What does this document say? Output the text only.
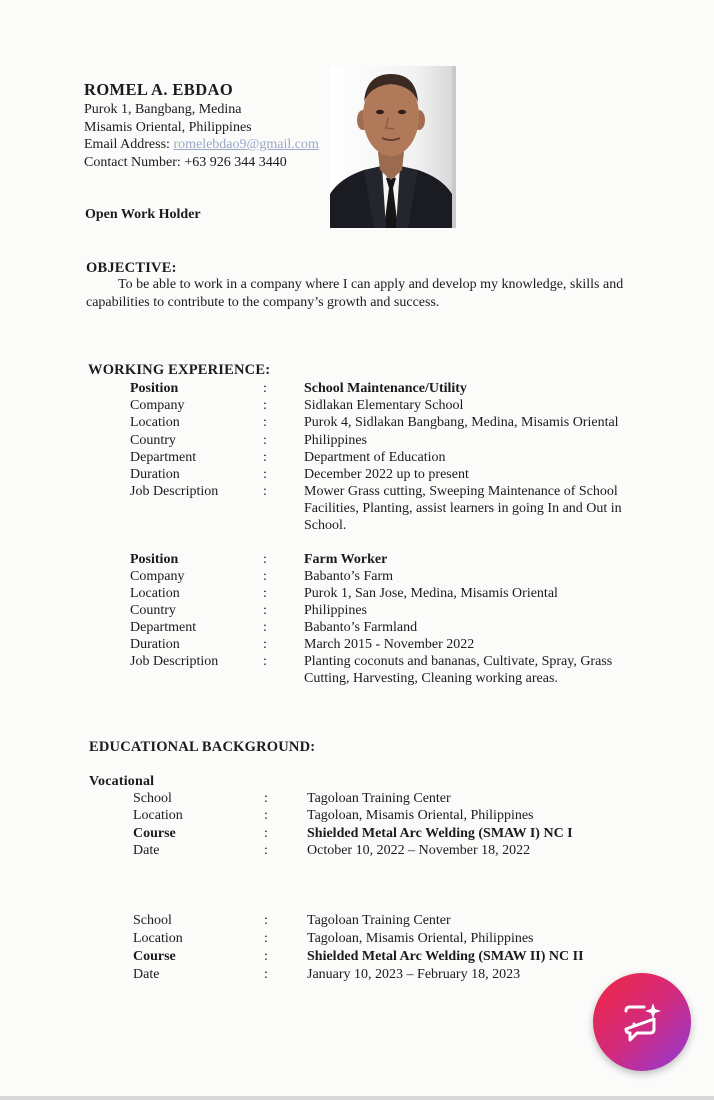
ROMEL A. EBDAO
Purok 1, Bangbang, Medina
Misamis Oriental, Philippines
Email Address: romelebdao9@gmail.com
Contact Number: +63 926 344 3440
Open Work Holder
OBJECTIVE:
To be able to work in a company where I can apply and develop my knowledge, skills and capabilities to contribute to the company’s growth and success.
WORKING EXPERIENCE:
Position	:	School Maintenance/Utility
Company	:	Sidlakan Elementary School
Location	:	Purok 4, Sidlakan Bangbang, Medina, Misamis Oriental
Country	:	Philippines
Department	:	Department of Education
Duration	:	December 2022 up to present
Job Description	:	Mower Grass cutting, Sweeping Maintenance of School Facilities, Planting, assist learners in going In and Out in School.
Position	:	Farm Worker
Company	:	Babanto’s Farm
Location	:	Purok 1, San Jose, Medina, Misamis Oriental
Country	:	Philippines
Department	:	Babanto’s Farmland
Duration	:	March 2015 - November 2022
Job Description	:	Planting coconuts and bananas, Cultivate, Spray, Grass Cutting, Harvesting, Cleaning working areas.
EDUCATIONAL BACKGROUND:
Vocational
School	:	Tagoloan Training Center
Location	:	Tagoloan, Misamis Oriental, Philippines
Course	:	Shielded Metal Arc Welding (SMAW I) NC I
Date	:	October 10, 2022 – November 18, 2022
School	:	Tagoloan Training Center
Location	:	Tagoloan, Misamis Oriental, Philippines
Course	:	Shielded Metal Arc Welding (SMAW II) NC II
Date	:	January 10, 2023 – February 18, 2023
